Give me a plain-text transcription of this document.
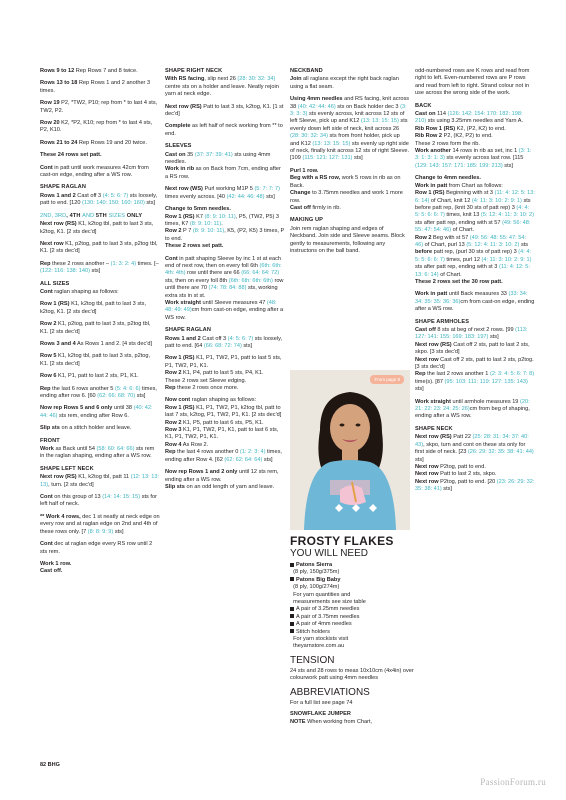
Rows 9 to 12 Rep Rows 7 and 8 twice.
Rows 13 to 18 Rep Rows 1 and 2 another 3 times.
Row 19 P2, *TW2, P10; rep from * to last 4 sts, TW2, P2.
Row 20 K2, *P2, K10; rep from * to last 4 sts, P2, K10.
Rows 21 to 24 Rep Rows 19 and 20 twice.
These 24 rows set patt.
Cont in patt until work measures 42cm from cast-on edge, ending after a WS row.
SHAPE RAGLAN
Rows 1 and 2 Cast off 3 (4: 5: 6: 7) sts loosely, patt to end. [120 (130: 140: 150: 160: 160) sts]
2ND, 3RD, 4TH AND 5TH SIZES ONLY
Next row (RS) K1, k2tog tbl, patt to last 3 sts, k2tog, K1. [2 sts dec'd]
Next row K1, p2tog, patt to last 3 sts, p2tog tbl, K1. [2 sts dec'd]
Rep these 2 rows another – (1: 3: 2: 4) times. [– (122: 116: 138: 140) sts]
ALL SIZES
Cont raglan shaping as follows:
Row 1 (RS) K1, k2tog tbl, patt to last 3 sts, k2tog, K1. [2 sts dec'd]
Row 2 K1, p2tog, patt to last 3 sts, p2tog tbl, K1. [2 sts dec'd]
Rows 3 and 4 As Rows 1 and 2. [4 sts dec'd]
Row 5 K1, k2tog tbl, patt to last 3 sts, p2tog, K1. [2 sts dec'd]
Row 6 K1, P1, patt to last 2 sts, P1, K1.
Rep the last 6 rows another 5 (5: 4: 6: 6) times, ending after row 6. [60 (62: 66: 68: 70) sts]
Now rep Rows 5 and 6 only until 38 (40: 42: 44: 46) sts rem, ending after Row 6.
Slip sts on a stitch holder and leave.
FRONT
Work as Back until 54 (58: 60: 64: 66) sts rem in the raglan shaping, ending after a WS row.
SHAPE LEFT NECK
Next row (RS) K1, k2tog tbl, patt 11 (12: 13: 13: 13), turn. [2 sts dec'd]
Cont on this group of 13 (14: 14: 15: 15) sts for left half of neck.
** Work 4 rows, dec 1 st neatly at neck edge on every row and at raglan edge on 2nd and 4th of these rows only. [7 (8: 8: 9: 9) sts]
Cont dec at raglan edge every RS row until 2 sts rem.
Work 1 row.
Cast off.
SHAPE RIGHT NECK
With RS facing, slip next 26 (28: 30: 32: 34) centre sts on a holder and leave. Neatly rejoin yarn at neck edge.
Next row (RS) Patt to last 3 sts, k2tog, K1. [1 st dec'd]
Complete as left half of neck working from ** to end.
SLEEVES
Cast on 35 (37: 37: 39: 41) sts using 4mm needles.
Work in rib as on Back from 7cm, ending after a RS row.
Next row (WS) Purl working M1P 5 (5: 7: 7: 7) times evenly across. [40 (42: 44: 46: 48) sts]
Change to 5mm needles.
Row 1 (RS) K7 (8: 9: 10: 11), P5, (TW2, P5) 3 times, K7 (8: 9: 10: 11).
Row 2 P 7 (8: 9: 10: 11), K5, (P2, K5) 3 times, P to end.
These 2 rows set patt.
Cont in patt shaping Sleeve by inc 1 st at each end of next row, then on every foll 6th (6th: 6th: 4th: 4th) row until there are 66 (66: 64: 64: 72) sts, then on every foll 8th (6th: 6th: 6th: 6th) row until there are 70 (74: 78: 84: 88) sts, working extra sts in st st.
Work straight until Sleeve measures 47 (48: 48: 49: 49)cm from cast-on edge, ending after a WS row.
SHAPE RAGLAN
Rows 1 and 2 Cast off 3 (4: 5: 6: 7) sts loosely, patt to end. [64 (66: 68: 72: 74) sts]
Row 1 (RS) K1, P1, TW2, P1, patt to last 5 sts, P1, TW2, P1, K1.
Row 2 K1, P4, patt to last 5 sts, P4, K1.
These 2 rows set Sleeve edging.
Rep these 2 rows once more.
Now cont raglan shaping as follows:
Row 1 (RS) K1, P1, TW2, P1, k2tog tbl, patt to last 7 sts, k2tog, P1, TW2, P1, K1. [2 sts dec'd]
Row 2 K1, P5, patt to last 6 sts, P5, K1.
Row 3 K1, P1, TW2, P1, K1, patt to last 6 sts, K1, P1, TW2, P1, K1.
Row 4 As Row 2.
Rep the last 4 rows another 0 (1: 2: 3: 4) times, ending after Row 4. [62 (62: 62: 64: 64) sts]
Now rep Rows 1 and 2 only until 12 sts rem, ending after a WS row.
Slip sts on an odd length of yarn and leave.
NECKBAND
Join all raglans except the right back raglan using a flat seam.
Using 4mm needles and RS facing, knit across 38 (40: 42: 44: 46) sts on Back holder dec 3 (3: 3: 3: 3) sts evenly across, knit across 12 sts of left Sleeve, pick up and K12 (13: 13: 15: 15) sts evenly down left side of neck, knit across 26 (28: 30: 32: 34) sts from front holder, pick up and K12 (13: 13: 15: 15) sts evenly up right side of neck, finally knit across 12 sts of right Sleeve. [109 (115: 121: 127: 131) sts]
Purl 1 row.
Beg with a RS row, work 5 rows in rib as on Back.
Change to 3.75mm needles and work 1 more row.
Cast off firmly in rib.
MAKING UP
Join rem raglan shaping and edges of Neckband. Join side and Sleeve seams. Block gently to measurements, following any instructons on the ball band.
From page 8
FROSTY FLAKES
YOU WILL NEED
Patons Sierra
(8 ply, 150g/375m)
Patons Big Baby
(8 ply, 100g/274m)
For yarn quantities and
measurements see size table
A pair of 3.25mm needles
A pair of 3.75mm needles
A pair of 4mm needles
Stitch holders
For yarn stockists visit
theyarnstore.com.au
TENSION
24 sts and 28 rows to meas 10x10cm (4x4in) over colourwork patt using 4mm needles
ABBREVIATIONS
For a full list see page 74
SNOWFLAKE JUMPER
NOTE When working from Chart,
odd-numbered rows are K rows and read from right to left. Even-numbered rows are P rows and read from left to right. Strand colour not in use across the wrong side of the work.
BACK
Cast on 114 (126: 142: 154: 170: 182: 198: 210) sts using 3.25mm needles and Yarn A.
Rib Row 1 (RS) K2, (P2, K2) to end.
Rib Row 2 P2, (K2, P2) to end.
These 2 rows form the rib.
Work another 14 rows in rib as set, inc 1 (3: 1: 3: 1: 3: 1: 3) sts evenly across last row. [115 (129: 143: 157: 171: 185: 199: 213) sts]
Change to 4mm needles.
Work in patt from Chart as follows:
Row 1 (RS) Beginning with st 3 (11: 4: 12: 5: 13: 6: 14) of Chart, knit 12 (4: 11: 3: 10: 2: 9: 1) sts before patt rep, (knit 30 sts of patt rep) 3 (4: 4: 5: 5: 6: 6: 7) times, knit 13 (5: 12: 4: 11: 3: 10: 2) sts after patt rep, ending with st 57 (49: 56: 48: 55: 47: 54: 46) of Chart.
Row 2 Beg with st 57 (49: 56: 48: 55: 47: 54: 46) of Chart, purl 13 (5: 12: 4: 11: 3: 10: 2) sts before patt rep, (purl 30 sts of patt rep) 3 (4: 4: 5: 5: 6: 6: 7) times, purl 12 (4: 11: 3: 10: 2: 9: 1) sts after patt rep, ending with st 3 (11: 4: 12: 5: 13: 6: 14) of Chart.
These 2 rows set the 30 row patt.
Work in patt until Back measures 33 (33: 34: 34: 35: 35: 36: 36)cm from cast-on edge, ending after a WS row.
SHAPE ARMHOLES
Cast off 8 sts at beg of next 2 rows. [99 (113: 127: 141: 155: 169: 183: 197) sts]
Next row (RS) Cast off 2 sts, patt to last 2 sts, skpo. [3 sts dec'd]
Next row Cast off 2 sts, patt to last 2 sts, p2tog. [3 sts dec'd]
Rep the last 2 rows another 1 (2: 3: 4: 5: 6: 7: 8) time(s). [87 (95: 103: 111: 119: 127: 135: 143) sts]
Work straight until armhole measures 19 (20: 21: 22: 23: 24: 25: 26)cm from beg of shaping, ending after a WS row.
SHAPE NECK
Next row (RS) Patt 22 (25: 28: 31: 34: 37: 40: 43), skpo, turn and cont on these sts only for first side of neck. [23 (26: 29: 32: 35: 38: 41: 44) sts]
Next row P2tog, patt to end.
Next row Patt to last 2 sts, skpo.
Next row P2tog, patt to end. [20 (23: 26: 29: 32: 35: 38: 41) sts]
82 BHG
PassionForum.ru
